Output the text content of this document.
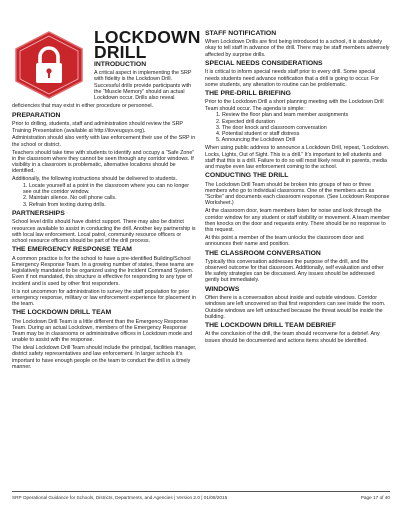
LOCKDOWN
DRILL
INTRODUCTION
A critical aspect in implementing the SRP with fidelity is the Lockdown Drill. Successful drills provide participants with the “Muscle Memory” should an actual Lockdown occur. Drills also reveal
deficiencies that may exist in either procedure or personnel.
PREPARATION
Prior to drilling, students, staff and administration should review the SRP Training Presentation (available at http://iloveuguys.org).
Administration should also verify with law enforcement their use of the SRP in the school or district.
Teachers should take time with students to identify and occupy a “Safe Zone” in the classroom where they cannot be seen through any corridor windows. If visibility in a classroom is problematic, alternative locations should be identified.
Additionally, the following instructions should be delivered to students.
1. Locate yourself at a point in the classroom where you can no longer see out the corridor window.
2. Maintain silence. No cell phone calls.
3. Refrain from texting during drills.
PARTNERSHIPS
School level drills should have district support. There may also be district resources available to assist in conducting the drill. Another key partnership is with local law enforcement. Local patrol, community resource officers or school resource officers should be part of the drill process.
THE EMERGENCY RESPONSE TEAM
A common practice is for the school to have a pre-identified Building/School Emergency Response Team. In a growing number of states, these teams are legislatively mandated to be organized using the Incident Command System. Even if not mandated, this structure is effective for responding to any type of incident and is used by other first responders.
It is not uncommon for administration to survey the staff population for prior emergency response, military or law enforcement experience for placement in the team.
THE LOCKDOWN DRILL TEAM
The Lockdown Drill Team is a little different than the Emergency Response Team. During an actual Lockdown, members of the Emergency Response Team may be in classrooms or administrative offices in Lockdown mode and unable to assist with the response.
The ideal Lockdown Drill Team should include the principal, facilities manager, district safety representatives and law enforcement. In larger schools it’s important to have enough people on the team to conduct the drill in a timely manner.
STAFF NOTIFICATION
When Lockdown Drills are first being introduced to a school, it is absolutely okay to tell staff in advance of the drill. There may be staff members adversely affected by surprise drills.
SPECIAL NEEDS CONSIDERATIONS
It is critical to inform special needs staff prior to every drill. Some special needs students need advance notification that a drill is going to occur. For some students, any alteration to routine can be problematic.
THE PRE-DRILL BRIEFING
Prior to the Lockdown Drill a short planning meeting with the Lockdown Drill Team should occur. The agenda is simple:
1. Review the floor plan and team member assignments
2. Expected drill duration
3. The door knock and classroom conversation
4. Potential student or staff distress
5. Announcing the Lockdown Drill
When using public address to announce a Lockdown Drill, repeat, “Lockdown. Locks, Lights, Out of Sight. This is a drill.” It’s important to tell students and staff that this is a drill. Failure to do so will most likely result in parents, media and maybe even law enforcement coming to the school.
CONDUCTING THE DRILL
The Lockdown Drill Team should be broken into groups of two or three members who go to individual classrooms. One of the members acts as “Scribe” and documents each classroom response. (See Lockdown Response Worksheet.)
At the classroom door, team members listen for noise and look through the corridor window for any student or staff visibility or movement. A team member then knocks on the door and requests entry. There should be no response to this request.
At this point a member of the team unlocks the classroom door and announces their name and position.
THE CLASSROOM CONVERSATION
Typically this conversation addresses the purpose of the drill, and the observed outcome for that classroom. Additionally, self evaluation and other life safety strategies can be discussed. Any issues should be addressed gently but immediately.
WINDOWS
Often there is a conversation about inside and outside windows. Corridor windows are left uncovered so that first responders can see inside the room. Outside windows are left untouched because the threat would be inside the building.
THE LOCKDOWN DRILL TEAM DEBRIEF
At the conclusion of the drill, the team should reconvene for a debrief. Any issues should be documented and actions items should be identified.
SRP Operational Guidance for Schools, Districts, Departments, and Agencies | Version 2.0 | 01/08/2015	Page 17 of 40
